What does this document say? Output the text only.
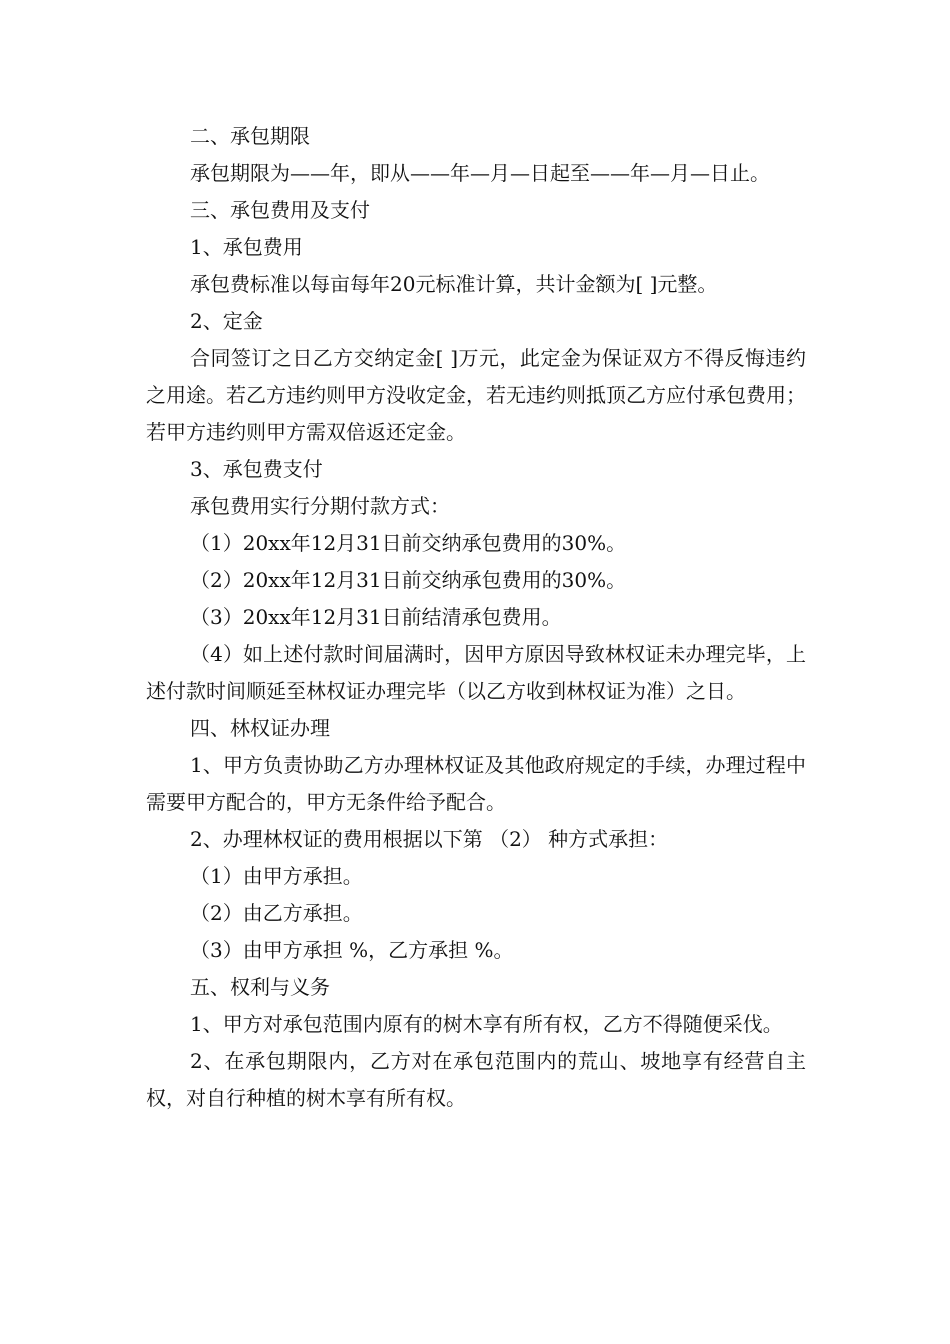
二、承包期限

承包期限为——年，即从——年—月—日起至——年—月—日止。

三、承包费用及支付

1、承包费用

承包费标准以每亩每年20元标准计算，共计金额为[ ]元整。

2、定金

合同签订之日乙方交纳定金[ ]万元，此定金为保证双方不得反悔违约之用途。若乙方违约则甲方没收定金，若无违约则抵顶乙方应付承包费用；若甲方违约则甲方需双倍返还定金。

3、承包费支付

承包费用实行分期付款方式：

（1）20xx年12月31日前交纳承包费用的30%。

（2）20xx年12月31日前交纳承包费用的30%。

（3）20xx年12月31日前结清承包费用。

（4）如上述付款时间届满时，因甲方原因导致林权证未办理完毕，上述付款时间顺延至林权证办理完毕（以乙方收到林权证为准）之日。

四、林权证办理

1、甲方负责协助乙方办理林权证及其他政府规定的手续，办理过程中需要甲方配合的，甲方无条件给予配合。

2、办理林权证的费用根据以下第 （2） 种方式承担：

（1）由甲方承担。

（2）由乙方承担。

（3）由甲方承担 %，乙方承担 %。

五、权利与义务

1、甲方对承包范围内原有的树木享有所有权，乙方不得随便采伐。

2、在承包期限内，乙方对在承包范围内的荒山、坡地享有经营自主权，对自行种植的树木享有所有权。
